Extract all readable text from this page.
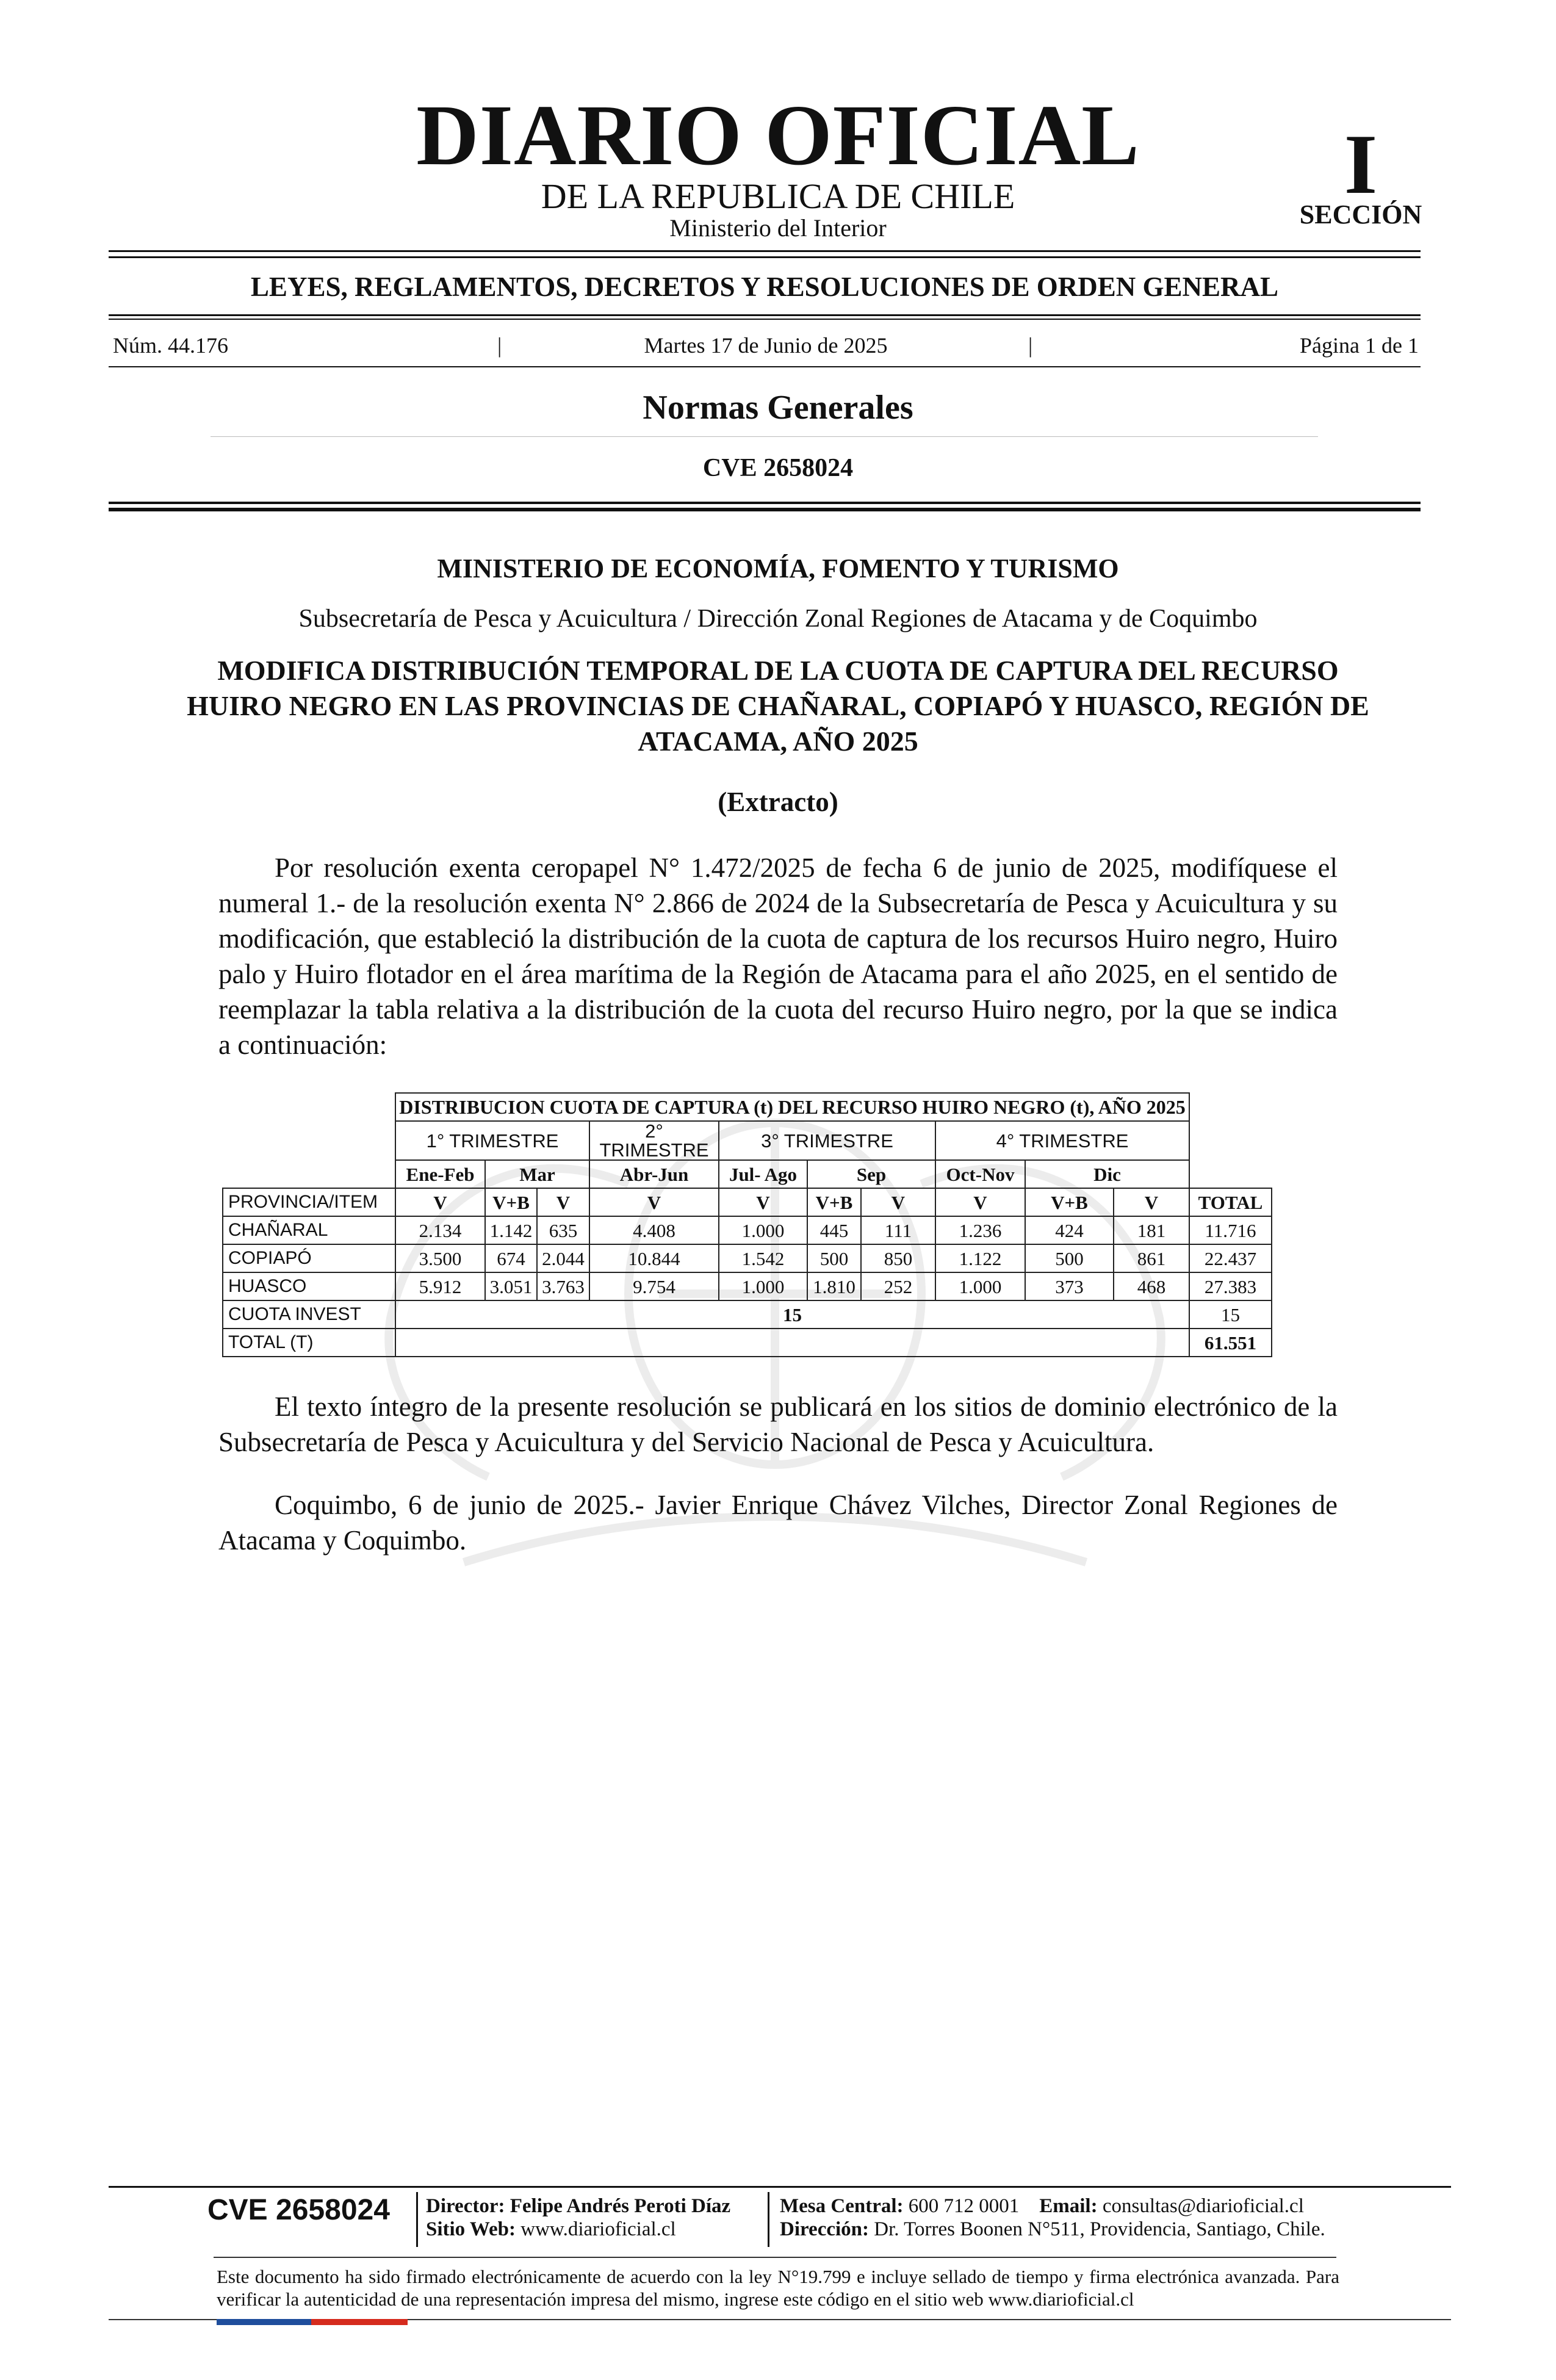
DIARIO OFICIAL
DE LA REPUBLICA DE CHILE
Ministerio del Interior
I
SECCIÓN
LEYES, REGLAMENTOS, DECRETOS Y RESOLUCIONES DE ORDEN GENERAL
Núm. 44.176	|	Martes 17 de Junio de 2025	|	Página 1 de 1
Normas Generales
CVE 2658024
MINISTERIO DE ECONOMÍA, FOMENTO Y TURISMO
Subsecretaría de Pesca y Acuicultura / Dirección Zonal Regiones de Atacama y de Coquimbo
MODIFICA DISTRIBUCIÓN TEMPORAL DE LA CUOTA DE CAPTURA DEL RECURSO HUIRO NEGRO EN LAS PROVINCIAS DE CHAÑARAL, COPIAPÓ Y HUASCO, REGIÓN DE ATACAMA, AÑO 2025
(Extracto)
Por resolución exenta ceropapel N° 1.472/2025 de fecha 6 de junio de 2025, modifíquese el numeral 1.- de la resolución exenta N° 2.866 de 2024 de la Subsecretaría de Pesca y Acuicultura y su modificación, que estableció la distribución de la cuota de captura de los recursos Huiro negro, Huiro palo y Huiro flotador en el área marítima de la Región de Atacama para el año 2025, en el sentido de reemplazar la tabla relativa a la distribución de la cuota del recurso Huiro negro, por la que se indica a continuación:
	DISTRIBUCION CUOTA DE CAPTURA (t) DEL RECURSO HUIRO NEGRO (t), AÑO 2025										
	1° TRIMESTRE			2° TRIMESTRE	3° TRIMESTRE			4° TRIMESTRE			
	Ene-Feb	Mar		Abr-Jun	Jul- Ago	Sep		Oct-Nov	Dic		
PROVINCIA/ITEM	V	V+B	V	V	V	V+B	V	V	V+B	V	TOTAL
CHAÑARAL	2.134	1.142	635	4.408	1.000	445	111	1.236	424	181	11.716
COPIAPÓ	3.500	674	2.044	10.844	1.542	500	850	1.122	500	861	22.437
HUASCO	5.912	3.051	3.763	9.754	1.000	1.810	252	1.000	373	468	27.383
CUOTA INVEST	15										15
TOTAL (T)											61.551
El texto íntegro de la presente resolución se publicará en los sitios de dominio electrónico de la Subsecretaría de Pesca y Acuicultura y del Servicio Nacional de Pesca y Acuicultura.
Coquimbo, 6 de junio de 2025.- Javier Enrique Chávez Vilches, Director Zonal Regiones de Atacama y Coquimbo.
CVE 2658024 Director: Felipe Andrés Peroti Díaz
Sitio Web: www.diarioficial.cl
Mesa Central: 600 712 0001 Email: consultas@diarioficial.cl
Dirección: Dr. Torres Boonen N°511, Providencia, Santiago, Chile.
Este documento ha sido firmado electrónicamente de acuerdo con la ley N°19.799 e incluye sellado de tiempo y firma electrónica avanzada. Para verificar la autenticidad de una representación impresa del mismo, ingrese este código en el sitio web www.diarioficial.cl
